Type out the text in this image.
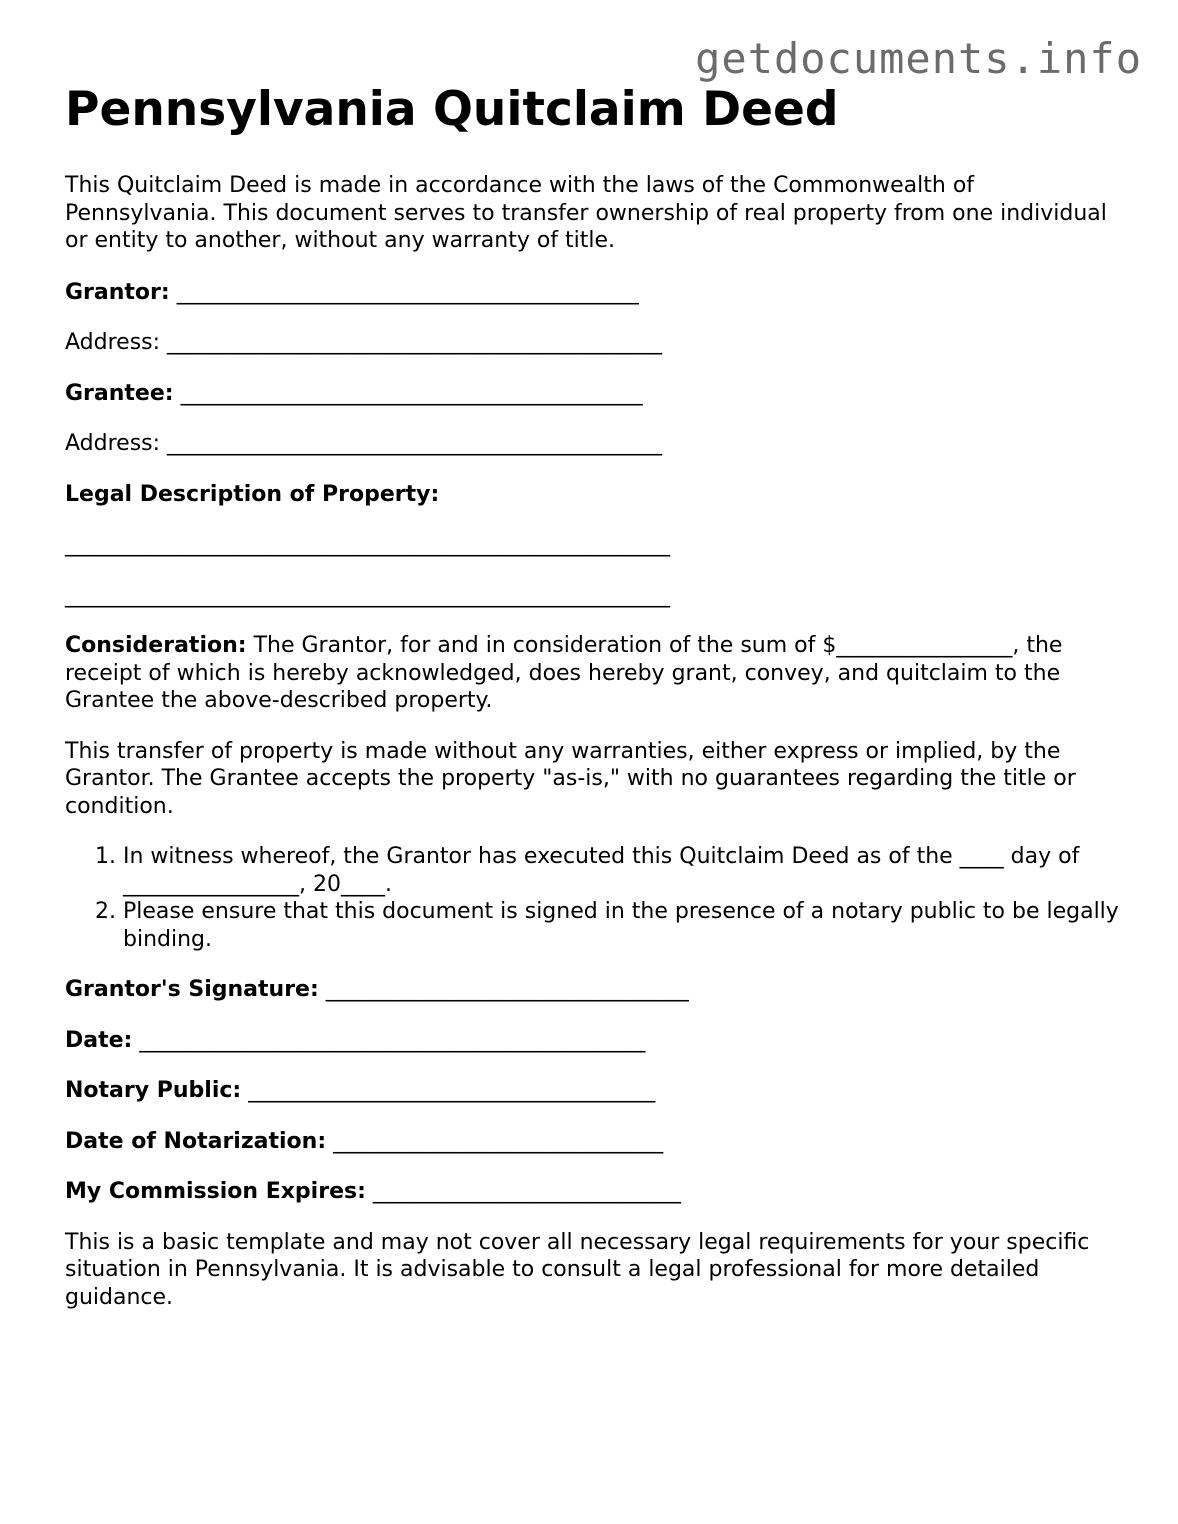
getdocuments.info
Pennsylvania Quitclaim Deed

This Quitclaim Deed is made in accordance with the laws of the Commonwealth of Pennsylvania. This document serves to transfer ownership of real property from one individual or entity to another, without any warranty of title.

Grantor: __________________________________________

Address: _____________________________________________

Grantee: __________________________________________

Address: _____________________________________________

Legal Description of Property:

_______________________________________________________

_______________________________________________________

Consideration: The Grantor, for and in consideration of the sum of $________________, the receipt of which is hereby acknowledged, does hereby grant, convey, and quitclaim to the Grantee the above-described property.

This transfer of property is made without any warranties, either express or implied, by the Grantor. The Grantee accepts the property "as-is," with no guarantees regarding the title or condition.

1. In witness whereof, the Grantor has executed this Quitclaim Deed as of the ____ day of ________________, 20____.
2. Please ensure that this document is signed in the presence of a notary public to be legally binding.

Grantor's Signature: _________________________________

Date: ______________________________________________

Notary Public: _____________________________________

Date of Notarization: ______________________________

My Commission Expires: ____________________________

This is a basic template and may not cover all necessary legal requirements for your specific situation in Pennsylvania. It is advisable to consult a legal professional for more detailed guidance.
